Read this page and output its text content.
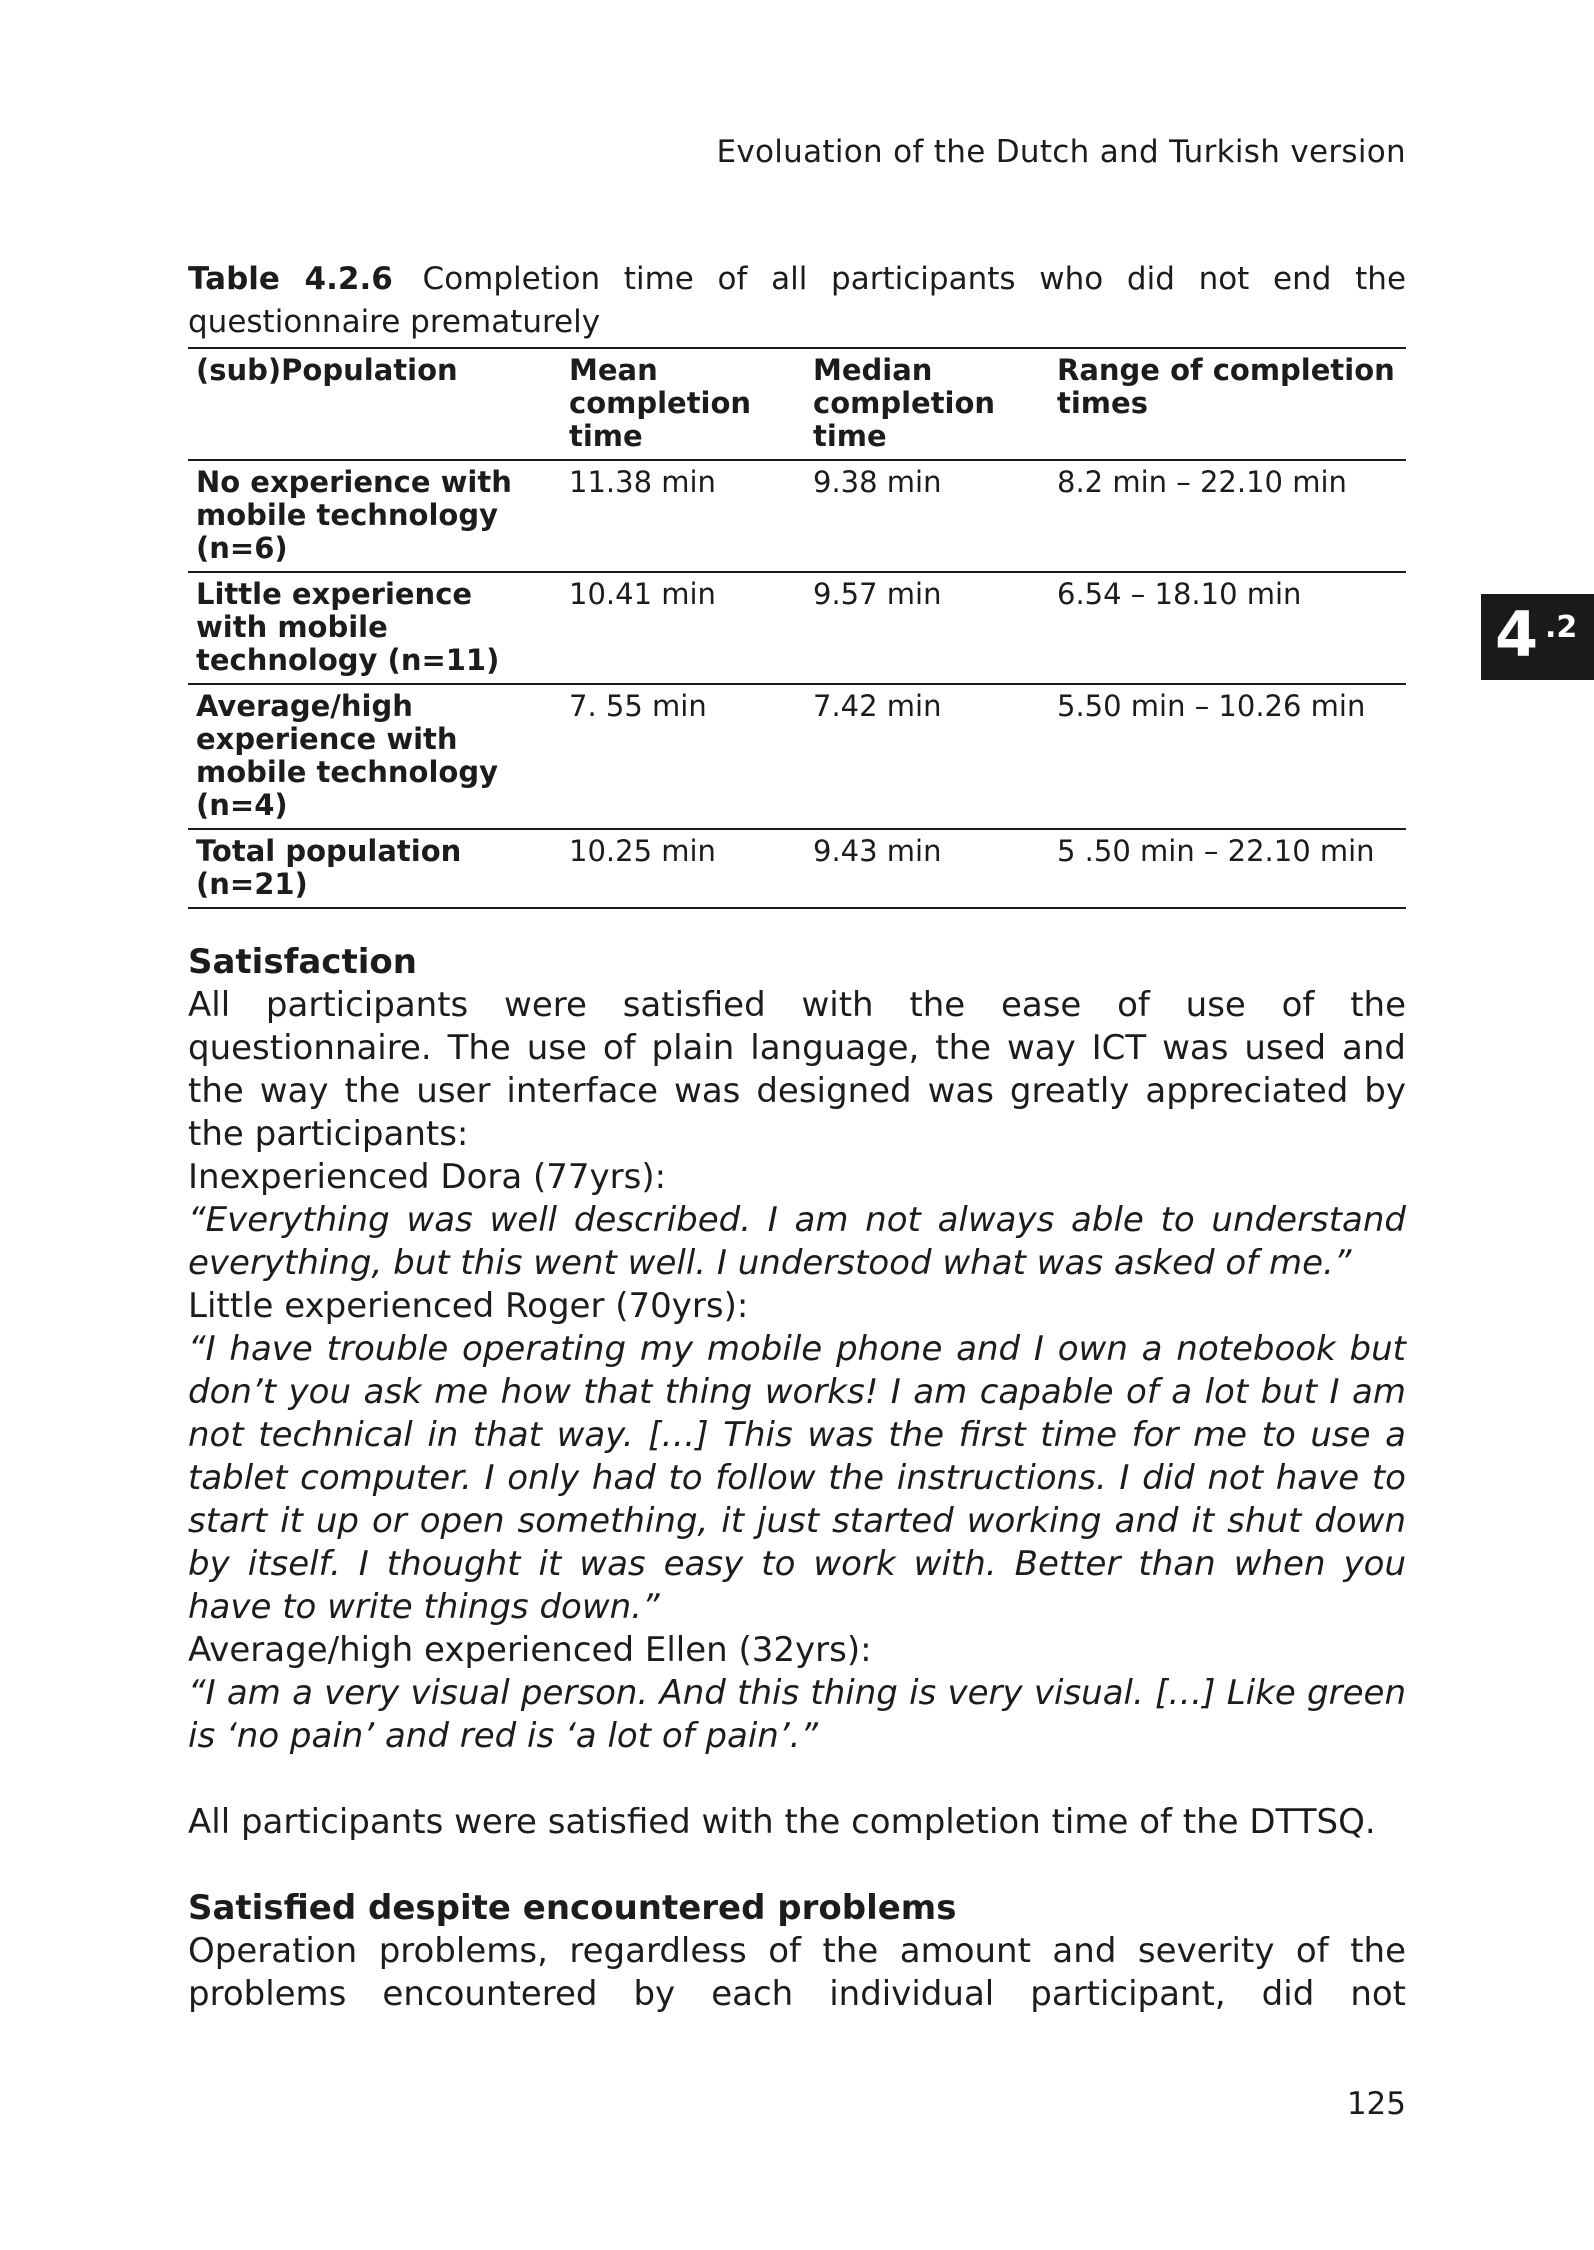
Evoluation of the Dutch and Turkish version
4 .2
Table 4.2.6 Completion time of all participants who did not end the questionnaire prematurely
(sub)Population	Mean completion time	Median completion time	Range of completion times
No experience with mobile technology (n=6)	11.38 min	9.38 min	8.2 min – 22.10 min
Little experience with mobile technology (n=11)	10.41 min	9.57 min	6.54 – 18.10 min
Average/high experience with mobile technology (n=4)	7. 55 min	7.42 min	5.50 min – 10.26 min
Total population (n=21)	10.25 min	9.43 min	5 .50 min – 22.10 min
Satisfaction

All participants were satisfied with the ease of use of the questionnaire. The use of plain language, the way ICT was used and the way the user interface was designed was greatly appreciated by the participants:

Inexperienced Dora (77yrs):

“Everything was well described. I am not always able to understand everything, but this went well. I understood what was asked of me.”

Little experienced Roger (70yrs):

“I have trouble operating my mobile phone and I own a notebook but don’t you ask me how that thing works! I am capable of a lot but I am not technical in that way. […] This was the first time for me to use a tablet computer. I only had to follow the instructions. I did not have to start it up or open something, it just started working and it shut down by itself. I thought it was easy to work with. Better than when you have to write things down.”

Average/high experienced Ellen (32yrs):

“I am a very visual person. And this thing is very visual. […] Like green is ‘no pain’ and red is ‘a lot of pain’.”

All participants were satisfied with the completion time of the DTTSQ.

Satisfied despite encountered problems

Operation problems, regardless of the amount and severity of the problems encountered by each individual participant, did not

125
